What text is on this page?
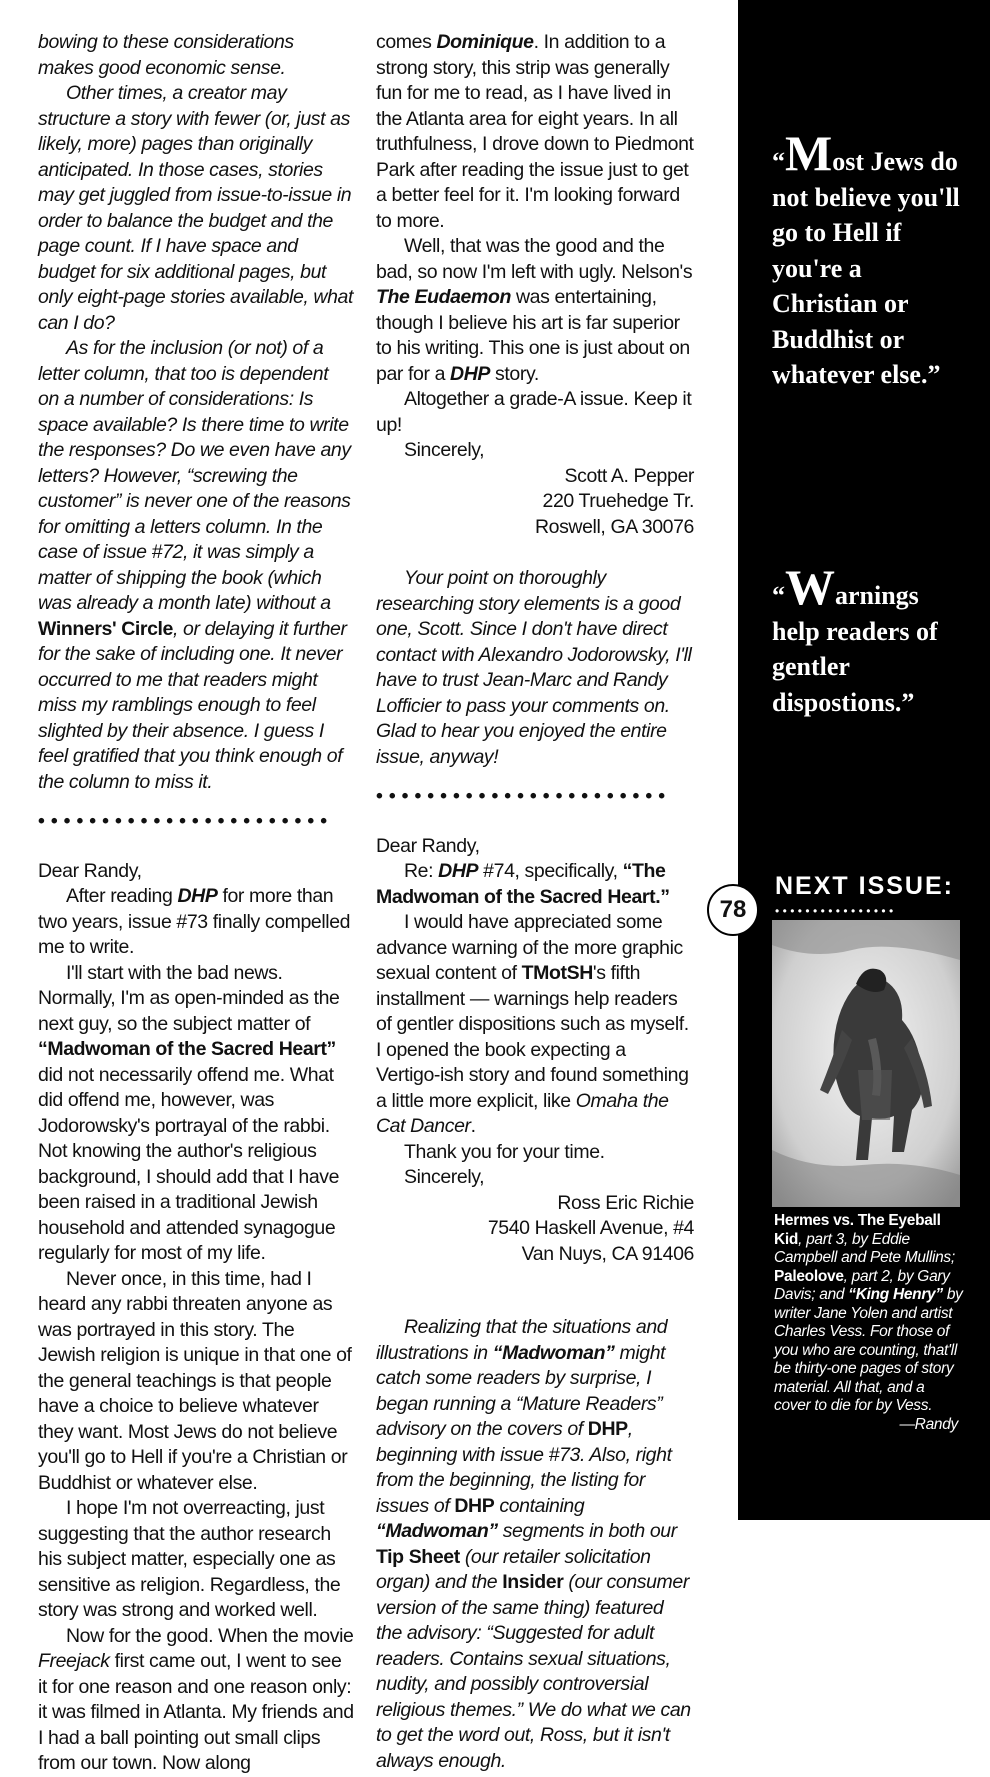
bowing to these considerations makes good economic sense.

Other times, a creator may structure a story with fewer (or, just as likely, more) pages than originally anticipated. In those cases, stories may get juggled from issue-to-issue in order to balance the budget and the page count. If I have space and budget for six additional pages, but only eight-page stories available, what can I do?

As for the inclusion (or not) of a letter column, that too is dependent on a number of considerations: Is space available? Is there time to write the responses? Do we even have any letters? However, “screwing the customer” is never one of the reasons for omitting a letters column. In the case of issue #72, it was simply a matter of shipping the book (which was already a month late) without a Winners' Circle, or delaying it further for the sake of including one. It never occurred to me that readers might miss my ramblings enough to feel slighted by their absence. I guess I feel gratified that you think enough of the column to miss it.

•••••••••••••••••••••••

Dear Randy,

After reading DHP for more than two years, issue #73 finally compelled me to write.

I'll start with the bad news. Normally, I'm as open-minded as the next guy, so the subject matter of “Madwoman of the Sacred Heart” did not necessarily offend me. What did offend me, however, was Jodorowsky's portrayal of the rabbi. Not knowing the author's religious background, I should add that I have been raised in a traditional Jewish household and attended synagogue regularly for most of my life.

Never once, in this time, had I heard any rabbi threaten anyone as was portrayed in this story. The Jewish religion is unique in that one of the general teachings is that people have a choice to believe whatever they want. Most Jews do not believe you'll go to Hell if you're a Christian or Buddhist or whatever else.

I hope I'm not overreacting, just suggesting that the author research his subject matter, especially one as sensitive as religion. Regardless, the story was strong and worked well.

Now for the good. When the movie Freejack first came out, I went to see it for one reason and one reason only: it was filmed in Atlanta. My friends and I had a ball pointing out small clips from our town. Now along

comes Dominique. In addition to a strong story, this strip was generally fun for me to read, as I have lived in the Atlanta area for eight years. In all truthfulness, I drove down to Piedmont Park after reading the issue just to get a better feel for it. I'm looking forward to more.

Well, that was the good and the bad, so now I'm left with ugly. Nelson's The Eudaemon was entertaining, though I believe his art is far superior to his writing. This one is just about on par for a DHP story.

Altogether a grade-A issue. Keep it up!

Sincerely,

Scott A. Pepper

220 Truehedge Tr.

Roswell, GA 30076

Your point on thoroughly researching story elements is a good one, Scott. Since I don't have direct contact with Alexandro Jodorowsky, I'll have to trust Jean-Marc and Randy Lofficier to pass your comments on. Glad to hear you enjoyed the entire issue, anyway!

•••••••••••••••••••••••

Dear Randy,

Re: DHP #74, specifically, “The Madwoman of the Sacred Heart.”

I would have appreciated some advance warning of the more graphic sexual content of TMotSH's fifth installment — warnings help readers of gentler dispositions such as myself. I opened the book expecting a Vertigo-ish story and found something a little more explicit, like Omaha the Cat Dancer.

Thank you for your time.

Sincerely,

Ross Eric Richie

7540 Haskell Avenue, #4

Van Nuys, CA 91406

Realizing that the situations and illustrations in “Madwoman” might catch some readers by surprise, I began running a “Mature Readers” advisory on the covers of DHP, beginning with issue #73. Also, right from the beginning, the listing for issues of DHP containing “Madwoman” segments in both our Tip Sheet (our retailer solicitation organ) and the Insider (our consumer version of the same thing) featured the advisory: “Suggested for adult readers. Contains sexual situations, nudity, and possibly controversial religious themes.” We do what we can to get the word out, Ross, but it isn't always enough.

“Most Jews do not believe you'll go to Hell if you're a Christian or Buddhist or whatever else.”
“Warnings help readers of gentler dispostions.”
78
NEXT ISSUE:
••••••••••••••••
Hermes vs. The Eyeball Kid, part 3, by Eddie Campbell and Pete Mullins; Paleolove, part 2, by Gary Davis; and “King Henry” by writer Jane Yolen and artist Charles Vess. For those of you who are counting, that'll be thirty-one pages of story material. All that, and a cover to die for by Vess.
—Randy
